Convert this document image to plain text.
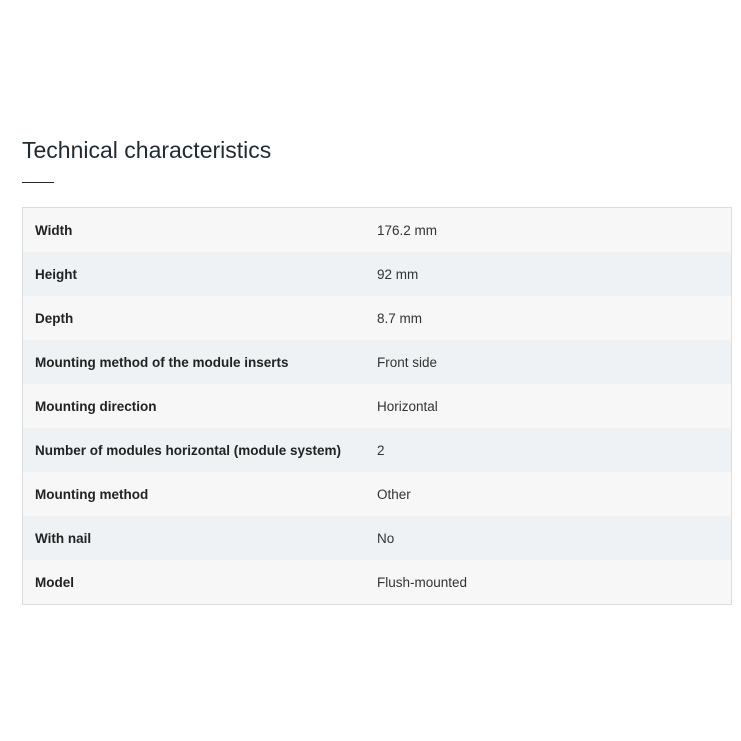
Technical characteristics
Width	176.2 mm
Height	92 mm
Depth	8.7 mm
Mounting method of the module inserts	Front side
Mounting direction	Horizontal
Number of modules horizontal (module system)	2
Mounting method	Other
With nail	No
Model	Flush-mounted
